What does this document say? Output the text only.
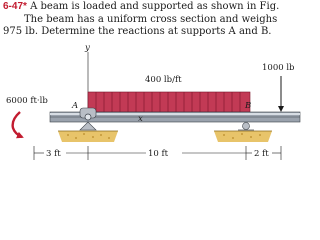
6-47* A beam is loaded and supported as shown in Fig.
The beam has a uniform cross section and weighs
975 lb. Determine the reactions at supports A and B.
y
400 lb/ft
1000 lb
6000 ft·lb	A	B
x
3 ft	10 ft	2 ft
